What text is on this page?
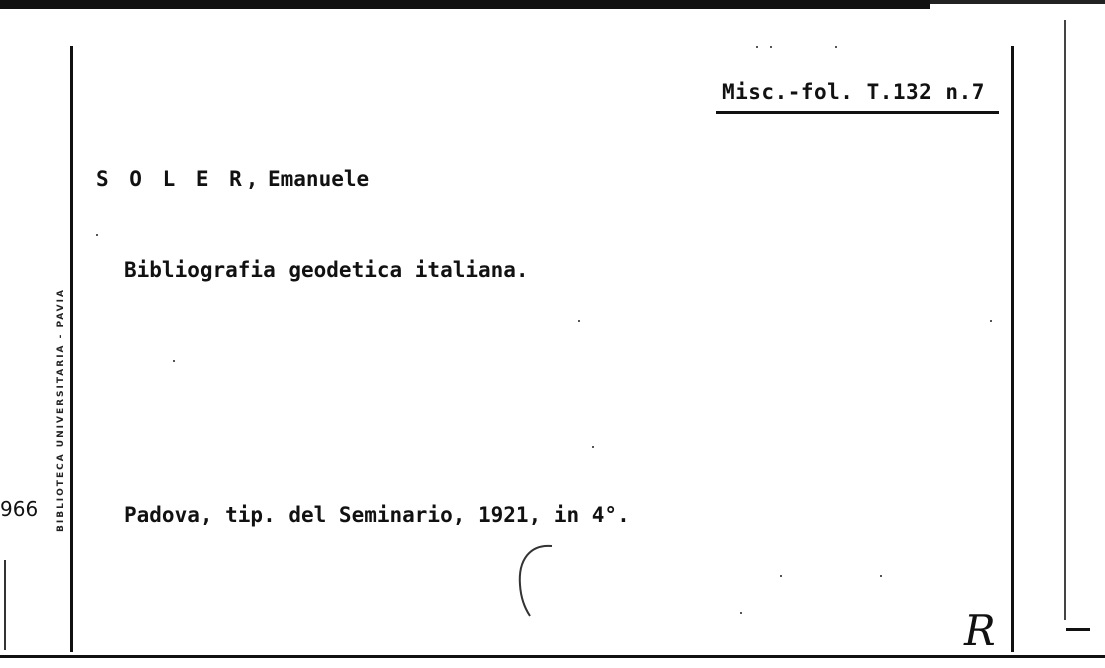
BIBLIOTECA UNIVERSITARIA - PAVIA
966
Misc.-fol. T.132 n.7
S O L E R, Emanuele
Bibliografia geodetica italiana.
Padova, tip. del Seminario, 1921, in 4°.
R
